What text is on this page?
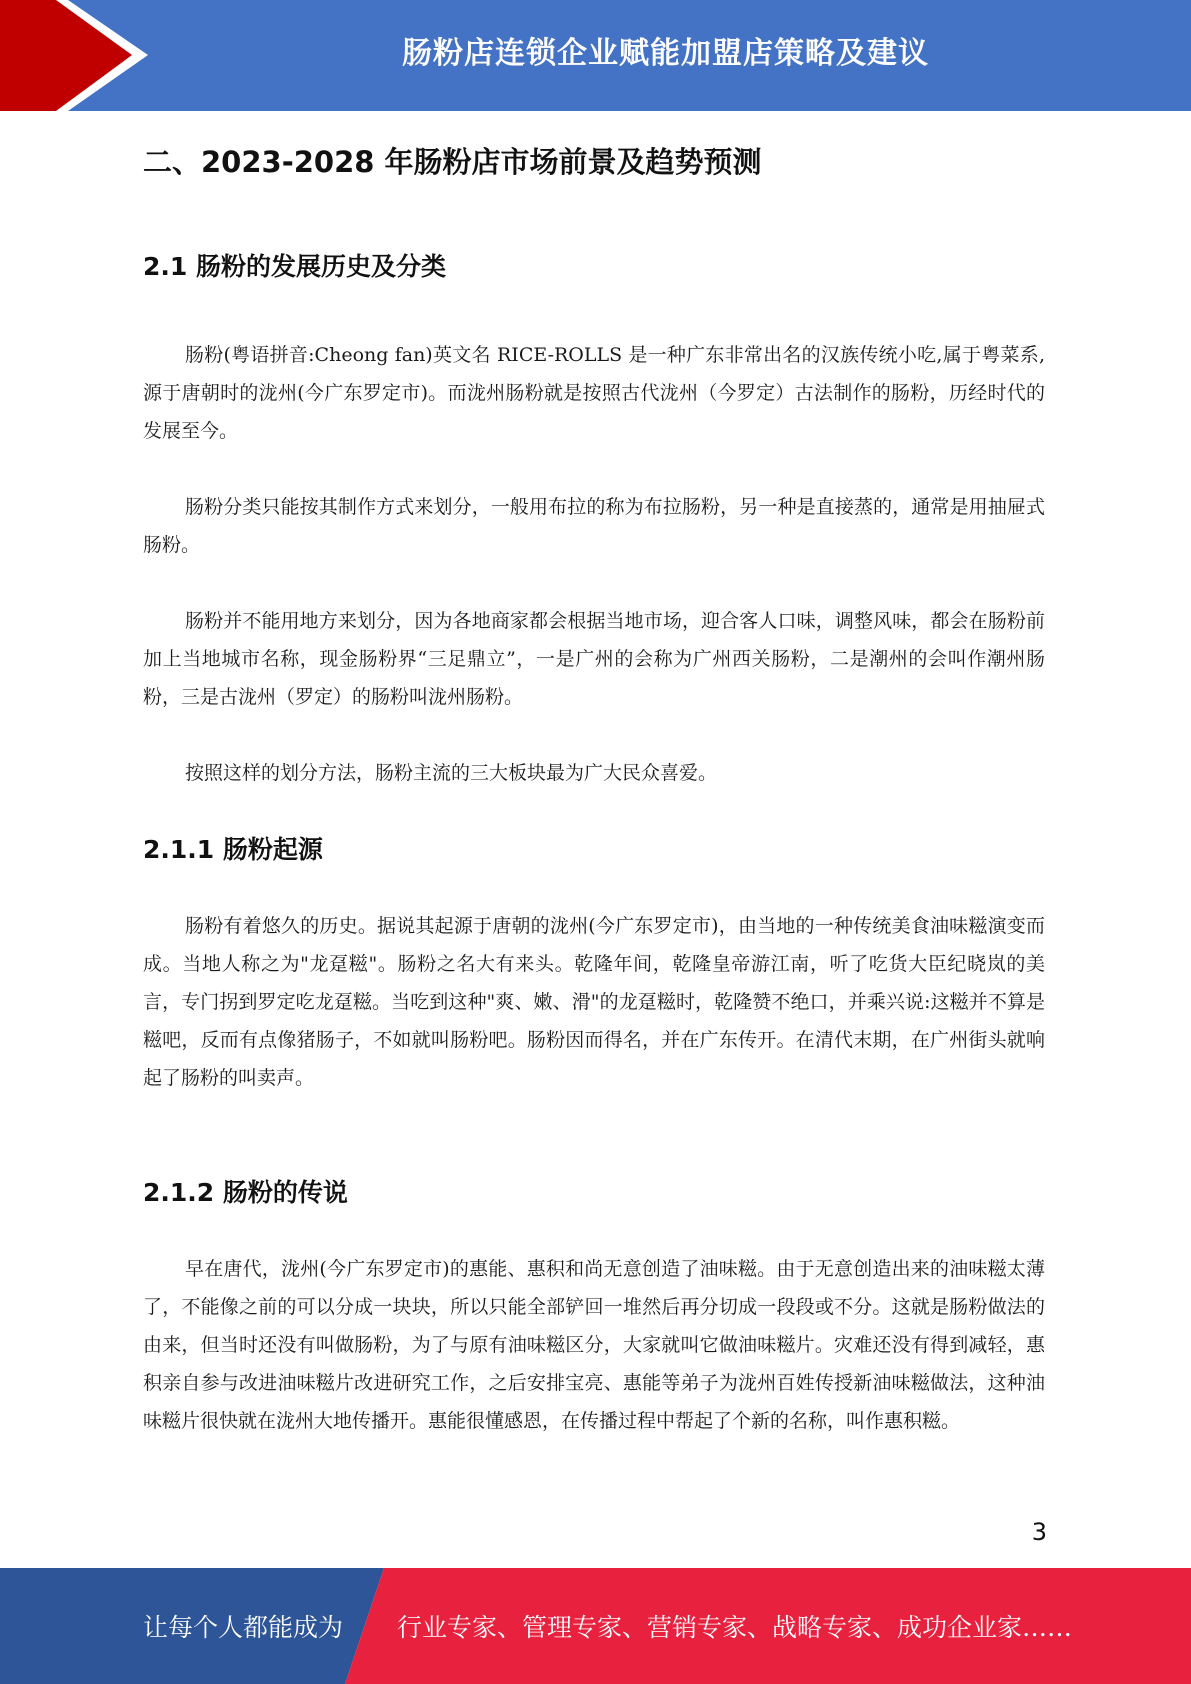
肠粉店连锁企业赋能加盟店策略及建议
二、2023-2028 年肠粉店市场前景及趋势预测
2.1 肠粉的发展历史及分类
肠粉(粤语拼音:Cheong fan)英文名 RICE-ROLLS 是一种广东非常出名的汉族传统小吃,属于粤菜系,源于唐朝时的泷州(今广东罗定市)。而泷州肠粉就是按照古代泷州（今罗定）古法制作的肠粉，历经时代的发展至今。
肠粉分类只能按其制作方式来划分，一般用布拉的称为布拉肠粉，另一种是直接蒸的，通常是用抽屉式肠粉。
肠粉并不能用地方来划分，因为各地商家都会根据当地市场，迎合客人口味，调整风味，都会在肠粉前加上当地城市名称，现金肠粉界“三足鼎立”，一是广州的会称为广州西关肠粉，二是潮州的会叫作潮州肠粉，三是古泷州（罗定）的肠粉叫泷州肠粉。
按照这样的划分方法，肠粉主流的三大板块最为广大民众喜爱。
2.1.1 肠粉起源
肠粉有着悠久的历史。据说其起源于唐朝的泷州(今广东罗定市)，由当地的一种传统美食油味糍演变而成。当地人称之为"龙趸糍"。肠粉之名大有来头。乾隆年间，乾隆皇帝游江南，听了吃货大臣纪晓岚的美言，专门拐到罗定吃龙趸糍。当吃到这种"爽、嫩、滑"的龙趸糍时，乾隆赞不绝口，并乘兴说:这糍并不算是糍吧，反而有点像猪肠子，不如就叫肠粉吧。肠粉因而得名，并在广东传开。在清代末期，在广州街头就响起了肠粉的叫卖声。
2.1.2 肠粉的传说
早在唐代，泷州(今广东罗定市)的惠能、惠积和尚无意创造了油味糍。由于无意创造出来的油味糍太薄了，不能像之前的可以分成一块块，所以只能全部铲回一堆然后再分切成一段段或不分。这就是肠粉做法的由来，但当时还没有叫做肠粉，为了与原有油味糍区分，大家就叫它做油味糍片。灾难还没有得到减轻，惠积亲自参与改进油味糍片改进研究工作，之后安排宝亮、惠能等弟子为泷州百姓传授新油味糍做法，这种油味糍片很快就在泷州大地传播开。惠能很懂感恩，在传播过程中帮起了个新的名称，叫作惠积糍。
3
让每个人都能成为 行业专家、管理专家、营销专家、战略专家、成功企业家……
